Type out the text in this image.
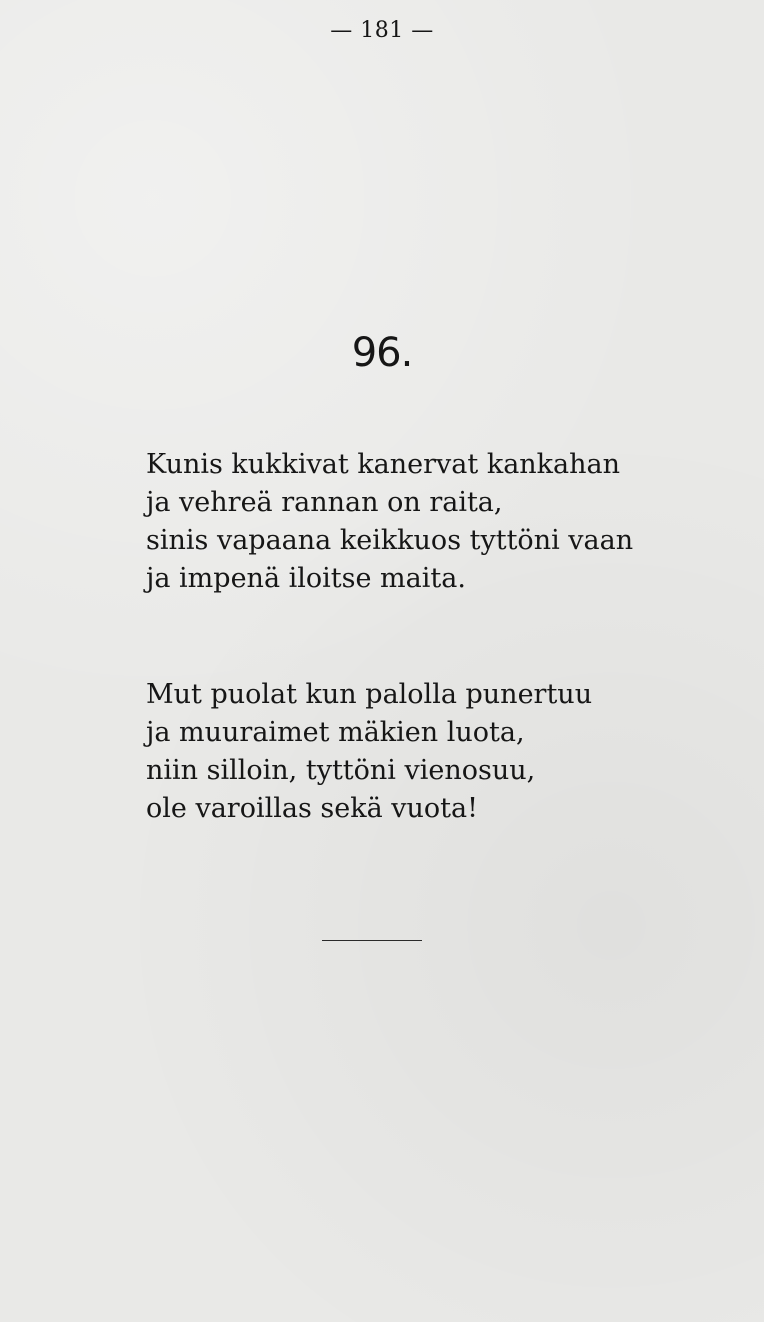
— 181 —
96.
Kunis kukkivat kanervat kankahan
ja vehreä rannan on raita,
sinis vapaana keikkuos tyttöni vaan
ja impenä iloitse maita.
Mut puolat kun palolla punertuu
ja muuraimet mäkien luota,
niin silloin, tyttöni vienosuu,
ole varoillas sekä vuota!
